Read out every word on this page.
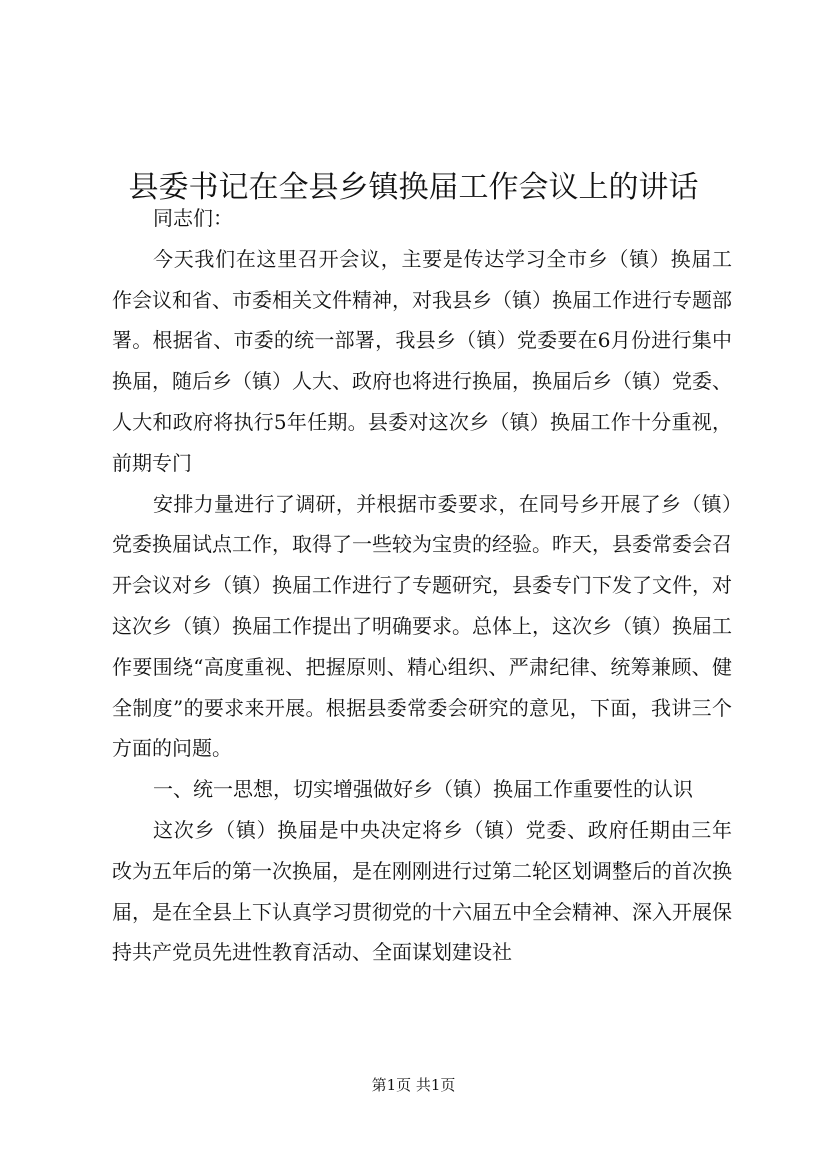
县委书记在全县乡镇换届工作会议上的讲话

同志们：

今天我们在这里召开会议，主要是传达学习全市乡（镇）换届工作会议和省、市委相关文件精神，对我县乡（镇）换届工作进行专题部署。根据省、市委的统一部署，我县乡（镇）党委要在6月份进行集中换届，随后乡（镇）人大、政府也将进行换届，换届后乡（镇）党委、人大和政府将执行5年任期。县委对这次乡（镇）换届工作十分重视，前期专门

安排力量进行了调研，并根据市委要求，在同号乡开展了乡（镇）党委换届试点工作，取得了一些较为宝贵的经验。昨天，县委常委会召开会议对乡（镇）换届工作进行了专题研究，县委专门下发了文件，对这次乡（镇）换届工作提出了明确要求。总体上，这次乡（镇）换届工作要围绕“高度重视、把握原则、精心组织、严肃纪律、统筹兼顾、健全制度”的要求来开展。根据县委常委会研究的意见，下面，我讲三个方面的问题。

一、统一思想，切实增强做好乡（镇）换届工作重要性的认识

这次乡（镇）换届是中央决定将乡（镇）党委、政府任期由三年改为五年后的第一次换届，是在刚刚进行过第二轮区划调整后的首次换届，是在全县上下认真学习贯彻党的十六届五中全会精神、深入开展保持共产党员先进性教育活动、全面谋划建设社

第1页 共1页
